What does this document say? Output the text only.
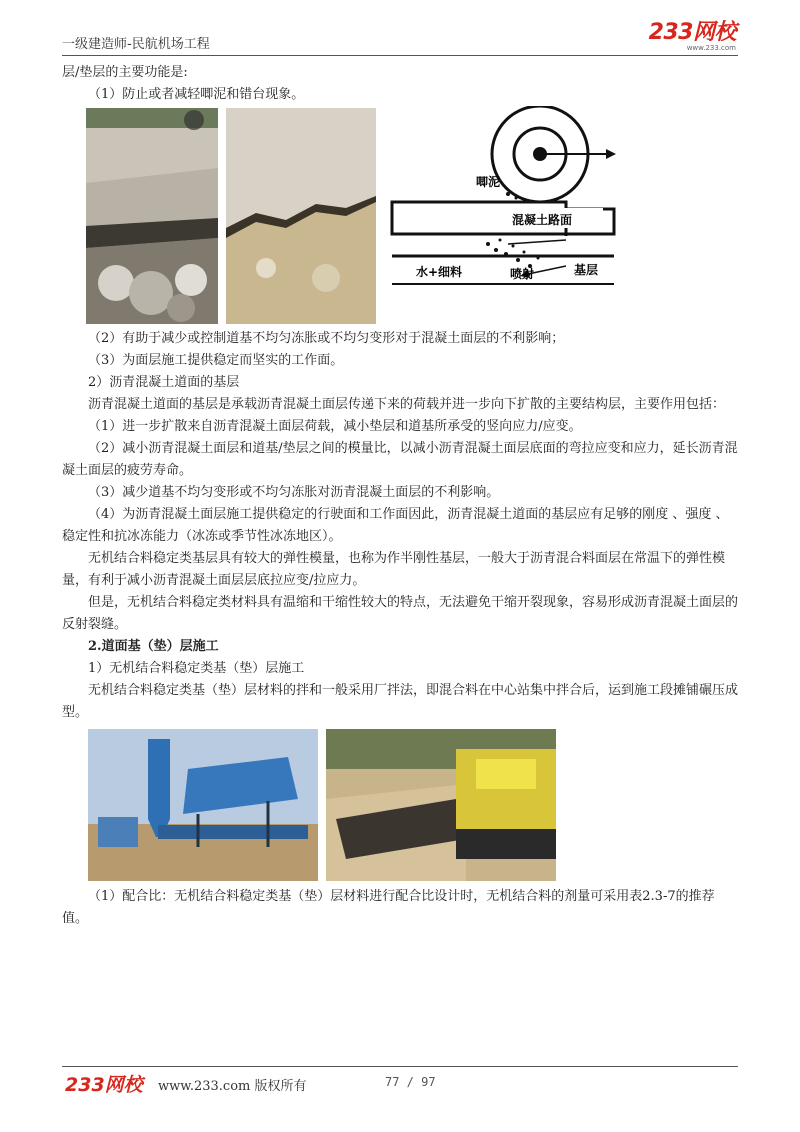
一级建造师-民航机场工程	233网校
www.233.com

层/垫层的主要功能是:

（1）防止或者减轻唧泥和错台现象。

唧泥
混凝土路面
水+细料	喷射	基层

（2）有助于减少或控制道基不均匀冻胀或不均匀变形对于混凝土面层的不利影响；

（3）为面层施工提供稳定而坚实的工作面。

2）沥青混凝土道面的基层

沥青混凝土道面的基层是承载沥青混凝土面层传递下来的荷载并进一步向下扩散的主要结构层，主要作用包括：

（1）进一步扩散来自沥青混凝土面层荷载，减小垫层和道基所承受的竖向应力/应变。

（2）减小沥青混凝土面层和道基/垫层之间的模量比，以减小沥青混凝土面层底面的弯拉应变和应力，延长沥青混凝土面层的疲劳寿命。

（3）减少道基不均匀变形或不均匀冻胀对沥青混凝土面层的不利影响。

（4）为沥青混凝土面层施工提供稳定的行驶面和工作面因此，沥青混凝土道面的基层应有足够的刚度 、强度 、稳定性和抗冰冻能力（冰冻或季节性冰冻地区）。

无机结合料稳定类基层具有较大的弹性模量，也称为作半刚性基层，一般大于沥青混合料面层在常温下的弹性模量，有利于减小沥青混凝土面层层底拉应变/拉应力。

但是，无机结合料稳定类材料具有温缩和干缩性较大的特点，无法避免干缩开裂现象，容易形成沥青混凝土面层的反射裂缝。

2.道面基（垫）层施工

1）无机结合料稳定类基（垫）层施工

无机结合料稳定类基（垫）层材料的拌和一般采用厂拌法，即混合料在中心站集中拌合后，运到施工段摊铺碾压成型。

（1）配合比：无机结合料稳定类基（垫）层材料进行配合比设计时，无机结合料的剂量可采用表2.3-7的推荐值。

233网校 www.233.com 版权所有	77 / 97
